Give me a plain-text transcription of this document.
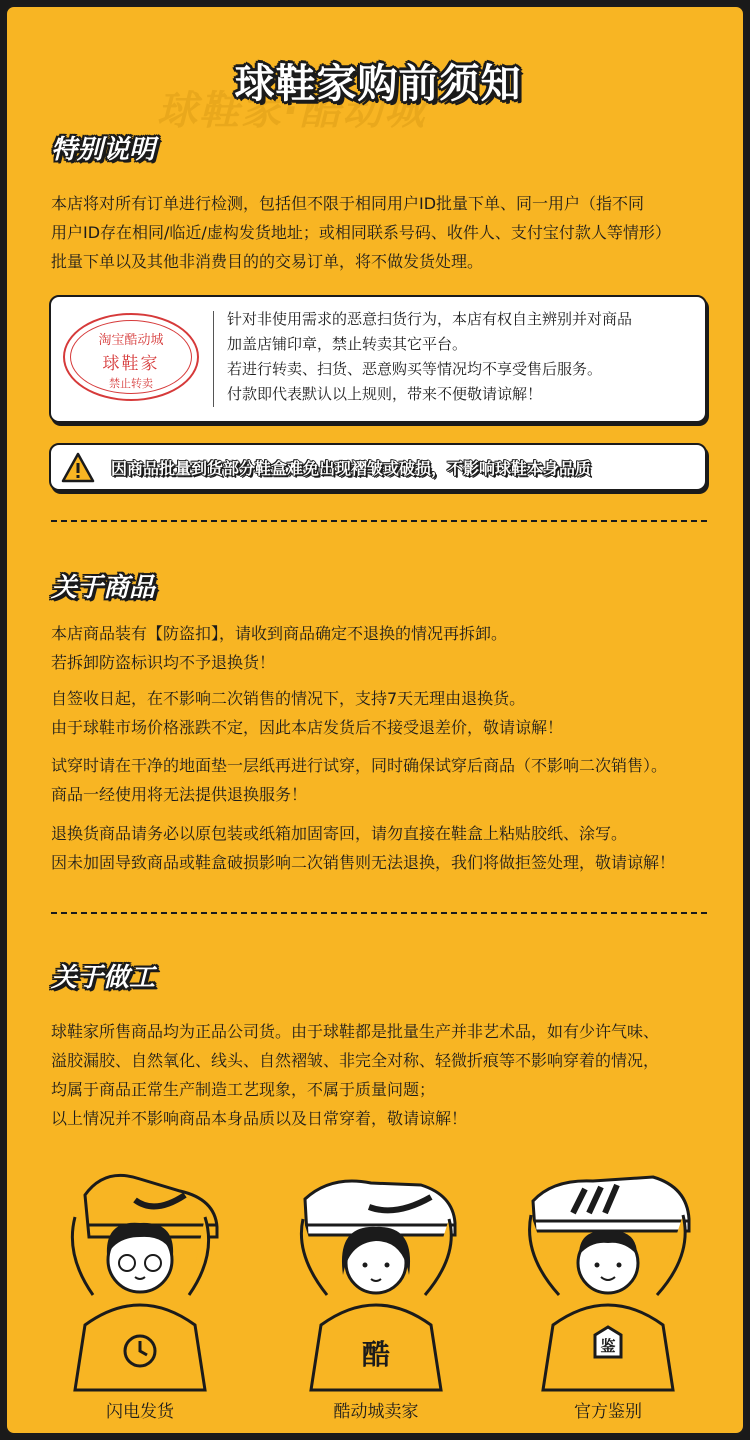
球鞋家·酷动城
球鞋家购前须知
特别说明
本店将对所有订单进行检测，包括但不限于相同用户ID批量下单、同一用户（指不同
用户ID存在相同/临近/虚构发货地址；或相同联系号码、收件人、支付宝付款人等情形）
批量下单以及其他非消费目的的交易订单，将不做发货处理。
淘宝酷动城
球鞋家
禁止转卖
针对非使用需求的恶意扫货行为，本店有权自主辨别并对商品
加盖店铺印章，禁止转卖其它平台。
若进行转卖、扫货、恶意购买等情况均不享受售后服务。
付款即代表默认以上规则，带来不便敬请谅解！
因商品批量到货部分鞋盒难免出现褶皱或破损，不影响球鞋本身品质
关于商品
本店商品装有【防盗扣】，请收到商品确定不退换的情况再拆卸。
若拆卸防盗标识均不予退换货！
自签收日起，在不影响二次销售的情况下，支持7天无理由退换货。
由于球鞋市场价格涨跌不定，因此本店发货后不接受退差价，敬请谅解！
试穿时请在干净的地面垫一层纸再进行试穿，同时确保试穿后商品（不影响二次销售）。
商品一经使用将无法提供退换服务！
退换货商品请务必以原包装或纸箱加固寄回，请勿直接在鞋盒上粘贴胶纸、涂写。
因未加固导致商品或鞋盒破损影响二次销售则无法退换，我们将做拒签处理，敬请谅解！
关于做工
球鞋家所售商品均为正品公司货。由于球鞋都是批量生产并非艺术品，如有少许气味、
溢胶漏胶、自然氧化、线头、自然褶皱、非完全对称、轻微折痕等不影响穿着的情况，
均属于商品正常生产制造工艺现象，不属于质量问题；
以上情况并不影响商品本身品质以及日常穿着，敬请谅解！
闪电发货
酷
酷动城卖家
鉴
官方鉴别
